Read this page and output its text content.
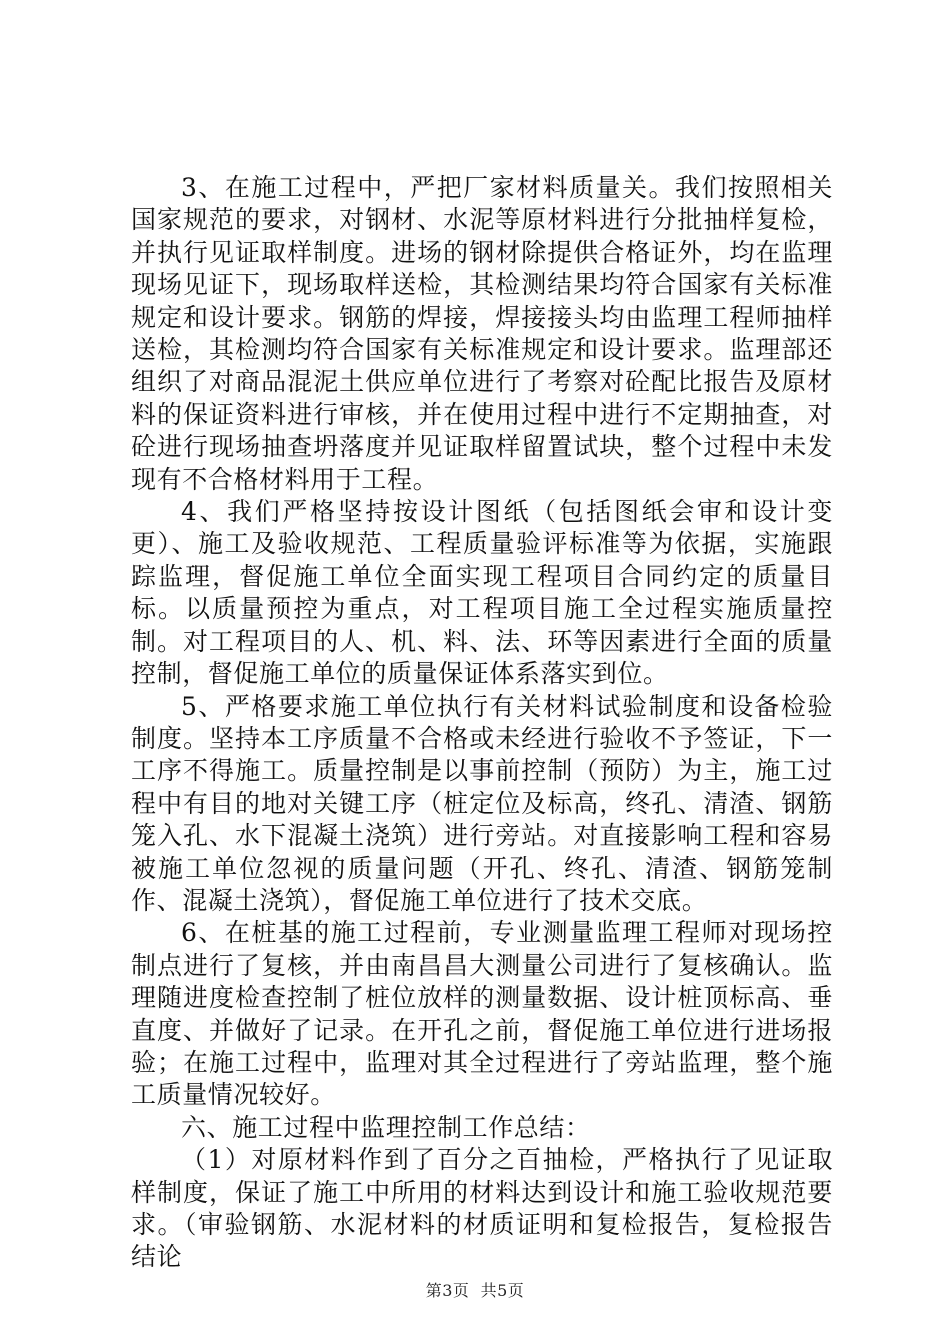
3、在施工过程中，严把厂家材料质量关。我们按照相关国家规范的要求，对钢材、水泥等原材料进行分批抽样复检，并执行见证取样制度。进场的钢材除提供合格证外，均在监理现场见证下，现场取样送检，其检测结果均符合国家有关标准规定和设计要求。钢筋的焊接，焊接接头均由监理工程师抽样送检，其检测均符合国家有关标准规定和设计要求。监理部还组织了对商品混泥土供应单位进行了考察对砼配比报告及原材料的保证资料进行审核，并在使用过程中进行不定期抽查，对砼进行现场抽查坍落度并见证取样留置试块，整个过程中未发现有不合格材料用于工程。

4、我们严格坚持按设计图纸（包括图纸会审和设计变更）、施工及验收规范、工程质量验评标准等为依据，实施跟踪监理，督促施工单位全面实现工程项目合同约定的质量目标。以质量预控为重点，对工程项目施工全过程实施质量控制。对工程项目的人、机、料、法、环等因素进行全面的质量控制，督促施工单位的质量保证体系落实到位。

5、严格要求施工单位执行有关材料试验制度和设备检验制度。坚持本工序质量不合格或未经进行验收不予签证，下一工序不得施工。质量控制是以事前控制（预防）为主，施工过程中有目的地对关键工序（桩定位及标高，终孔、清渣、钢筋笼入孔、水下混凝土浇筑）进行旁站。对直接影响工程和容易被施工单位忽视的质量问题（开孔、终孔、清渣、钢筋笼制作、混凝土浇筑），督促施工单位进行了技术交底。

6、在桩基的施工过程前，专业测量监理工程师对现场控制点进行了复核，并由南昌昌大测量公司进行了复核确认。监理随进度检查控制了桩位放样的测量数据、设计桩顶标高、垂直度、并做好了记录。在开孔之前，督促施工单位进行进场报验；在施工过程中，监理对其全过程进行了旁站监理，整个施工质量情况较好。

六、施工过程中监理控制工作总结：

（1）对原材料作到了百分之百抽检，严格执行了见证取样制度，保证了施工中所用的材料达到设计和施工验收规范要求。（审验钢筋、水泥材料的材质证明和复检报告，复检报告结论

第3页  共5页
